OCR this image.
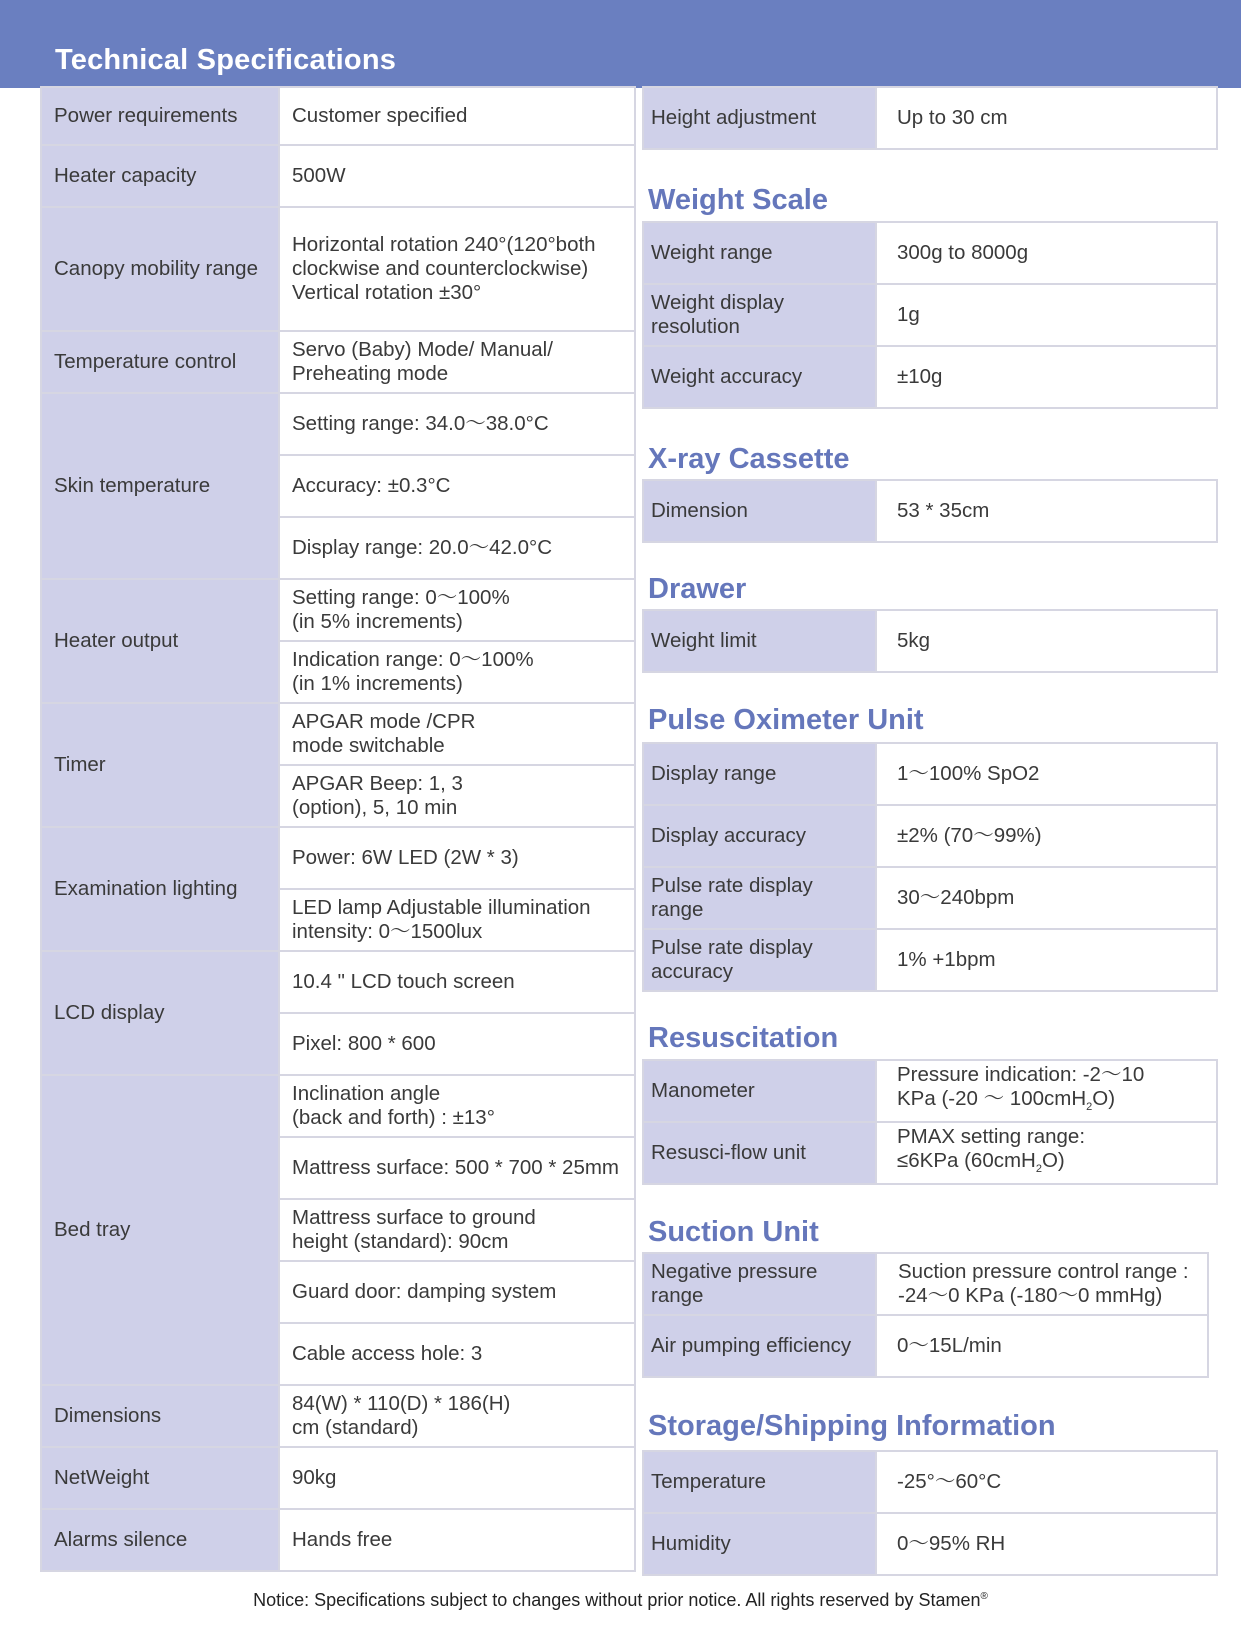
Technical Specifications
Power requirements	Customer specified
Heater capacity	500W
Canopy mobility range	Horizontal rotation 240°(120°both
clockwise and counterclockwise)
Vertical rotation ±30°

Temperature control	Servo (Baby) Mode/ Manual/
Preheating mode

Skin temperature	Setting range: 34.0～38.0°C
	Accuracy: ±0.3°C
	Display range: 20.0～42.0°C
Heater output	Setting range: 0～100%
(in 5% increments)

	Indication range: 0～100%
(in 1% increments)

Timer	APGAR mode /CPR
mode switchable

	APGAR Beep: 1, 3
(option), 5, 10 min

Examination lighting	Power: 6W LED (2W * 3)

	LED lamp Adjustable illumination
intensity: 0～1500lux

LCD display	10.4 " LCD touch screen
	Pixel: 800 * 600
Bed tray	Inclination angle
(back and forth) : ±13°

	Mattress surface: 500 * 700 * 25mm

	Mattress surface to ground
height (standard): 90cm

	Guard door: damping system
	Cable access hole: 3
Dimensions	84(W) * 110(D) * 186(H)
cm (standard)

NetWeight	90kg
Alarms silence	Hands free
Height adjustment	Up to 30 cm
Weight Scale
Weight range	300g to 8000g
Weight display resolution	1g
Weight accuracy	±10g
X-ray Cassette
Dimension	53 * 35cm
Drawer
Weight limit	5kg
Pulse Oximeter Unit
Display range	1～100% SpO2
Display accuracy	±2% (70～99%)
Pulse rate display range	30～240bpm

Pulse rate display
accuracy	1% +1bpm
Resuscitation
Manometer	Pressure indication: -2～10
KPa (-20 ～ 100cmH$_2$O)

Resusci-flow unit	PMAX setting range:
≤6KPa (60cmH$_2$O)
Suction Unit
Negative pressure range	Suction pressure control range :
-24～0 KPa (-180～0 mmHg)

Air pumping efficiency	0～15L/min
Storage/Shipping Information
Temperature	-25°～60°C
Humidity	0～95% RH
Notice: Specifications subject to changes without prior notice. All rights reserved by Stamen®
